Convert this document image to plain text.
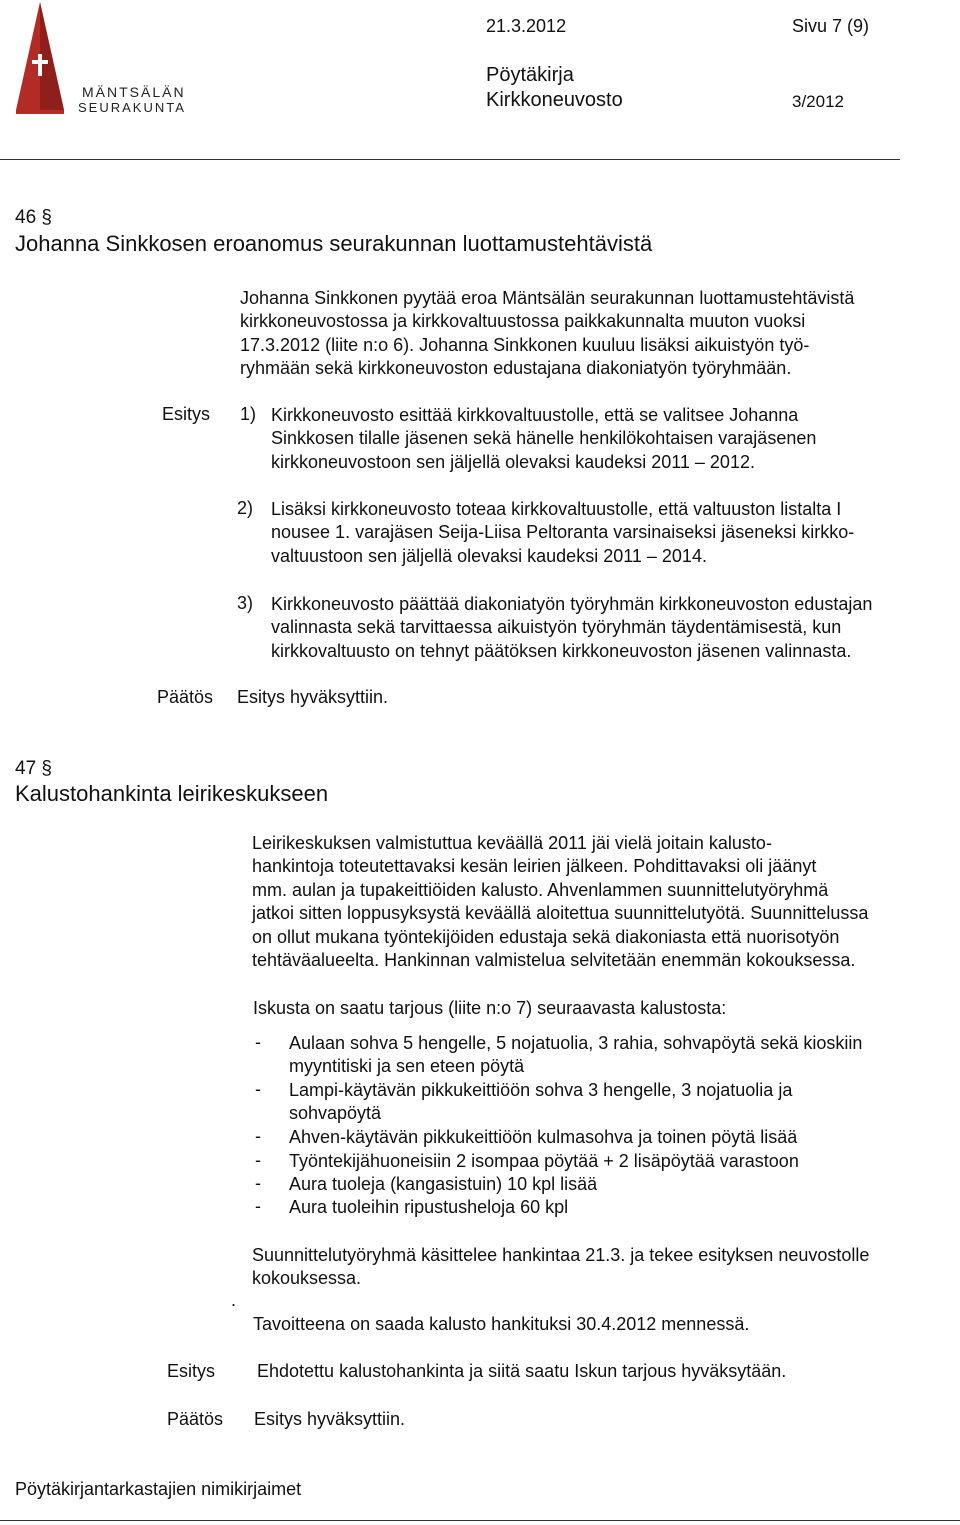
MÄNTSÄLÄN
SEURAKUNTA
21.3.2012	Sivu 7 (9)
Pöytäkirja
Kirkkoneuvosto	3/2012
46 §
Johanna Sinkkosen eroanomus seurakunnan luottamustehtävistä
Johanna Sinkkonen pyytää eroa Mäntsälän seurakunnan luottamustehtävistä
kirkkoneuvostossa ja kirkkovaltuustossa paikkakunnalta muuton vuoksi
17.3.2012 (liite n:o 6). Johanna Sinkkonen kuuluu lisäksi aikuistyön työ-
ryhmään sekä kirkkoneuvoston edustajana diakoniatyön työryhmään.
Esitys 1) Kirkkoneuvosto esittää kirkkovaltuustolle, että se valitsee Johanna
Sinkkosen tilalle jäsenen sekä hänelle henkilökohtaisen varajäsenen
kirkkoneuvostoon sen jäljellä olevaksi kaudeksi 2011 – 2012.
2) Lisäksi kirkkoneuvosto toteaa kirkkovaltuustolle, että valtuuston listalta I
nousee 1. varajäsen Seija-Liisa Peltoranta varsinaiseksi jäseneksi kirkko-
valtuustoon sen jäljellä olevaksi kaudeksi 2011 – 2014.
3) Kirkkoneuvosto päättää diakoniatyön työryhmän kirkkoneuvoston edustajan
valinnasta sekä tarvittaessa aikuistyön työryhmän täydentämisestä, kun
kirkkovaltuusto on tehnyt päätöksen kirkkoneuvoston jäsenen valinnasta.
Päätös Esitys hyväksyttiin.
47 §
Kalustohankinta leirikeskukseen
Leirikeskuksen valmistuttua keväällä 2011 jäi vielä joitain kalusto-
hankintoja toteutettavaksi kesän leirien jälkeen. Pohdittavaksi oli jäänyt
mm. aulan ja tupakeittiöiden kalusto. Ahvenlammen suunnittelutyöryhmä
jatkoi sitten loppusyksystä keväällä aloitettua suunnittelutyötä. Suunnittelussa
on ollut mukana työntekijöiden edustaja sekä diakoniasta että nuorisotyön
tehtäväalueelta. Hankinnan valmistelua selvitetään enemmän kokouksessa.
Iskusta on saatu tarjous (liite n:o 7) seuraavasta kalustosta:
- Aulaan sohva 5 hengelle, 5 nojatuolia, 3 rahia, sohvapöytä sekä kioskiin
myyntitiski ja sen eteen pöytä
- Lampi-käytävän pikkukeittiöön sohva 3 hengelle, 3 nojatuolia ja
sohvapöytä
- Ahven-käytävän pikkukeittiöön kulmasohva ja toinen pöytä lisää
- Työntekijähuoneisiin 2 isompaa pöytää + 2 lisäpöytää varastoon
- Aura tuoleja (kangasistuin) 10 kpl lisää
- Aura tuoleihin ripustusheloja 60 kpl
Suunnittelutyöryhmä käsittelee hankintaa 21.3. ja tekee esityksen neuvostolle
kokouksessa.
.
Tavoitteena on saada kalusto hankituksi 30.4.2012 mennessä.
Esitys Ehdotettu kalustohankinta ja siitä saatu Iskun tarjous hyväksytään.
Päätös Esitys hyväksyttiin.
Pöytäkirjantarkastajien nimikirjaimet
